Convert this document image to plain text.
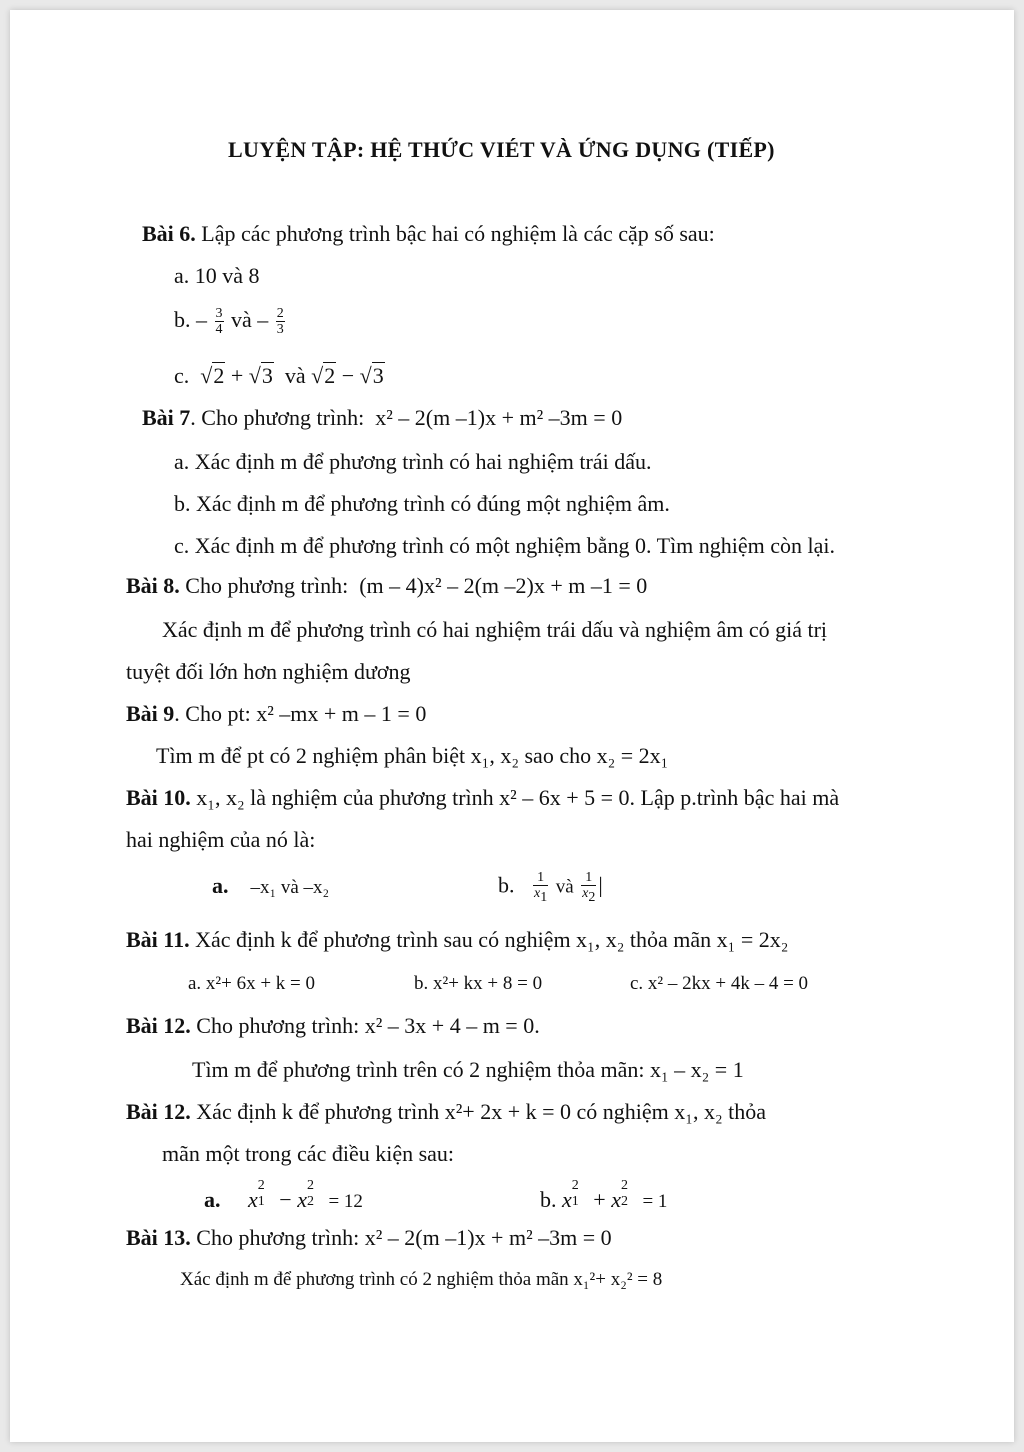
LUYỆN TẬP: HỆ THỨC VIÉT VÀ ỨNG DỤNG (TIẾP)
Bài 6. Lập các phương trình bậc hai có nghiệm là các cặp số sau:
a. 10 và 8
b. – $\frac{3}{4}$ và – $\frac{2}{3}$
c. √2 + √3 và √2 − √3
Bài 7. Cho phương trình: x² – 2(m –1)x + m² –3m = 0
a. Xác định m để phương trình có hai nghiệm trái dấu.
b. Xác định m để phương trình có đúng một nghiệm âm.
c. Xác định m để phương trình có một nghiệm bằng 0. Tìm nghiệm còn lại.
Bài 8. Cho phương trình: (m – 4)x² – 2(m –2)x + m –1 = 0
Xác định m để phương trình có hai nghiệm trái dấu và nghiệm âm có giá trị
tuyệt đối lớn hơn nghiệm dương
Bài 9. Cho pt: x² –mx + m – 1 = 0
Tìm m để pt có 2 nghiệm phân biệt x₁, x₂ sao cho x₂ = 2x₁
Bài 10. x₁, x₂ là nghiệm của phương trình x² – 6x + 5 = 0. Lập p.trình bậc hai mà
hai nghiệm của nó là:
a. –x₁ và –x₂	b. $\frac{1}{x_1}$ và $\frac{1}{x_2}$ |
Bài 11. Xác định k để phương trình sau có nghiệm x₁, x₂ thỏa mãn x₁ = 2x₂
a. x²+ 6x + k = 0	b. x²+ kx + 8 = 0	c. x² – 2kx + 4k – 4 = 0
Bài 12. Cho phương trình: x² – 3x + 4 – m = 0.
Tìm m để phương trình trên có 2 nghiệm thỏa mãn: x₁ – x₂ = 1
Bài 12. Xác định k để phương trình x²+ 2x + k = 0 có nghiệm x₁, x₂ thỏa
mãn một trong các điều kiện sau:
a. x
2
1 − x
2
2 = 12	b. x
2
1 + x
2
2 = 1
Bài 13. Cho phương trình: x² – 2(m –1)x + m² –3m = 0
Xác định m để phương trình có 2 nghiệm thỏa mãn x₁²+ x₂² = 8
